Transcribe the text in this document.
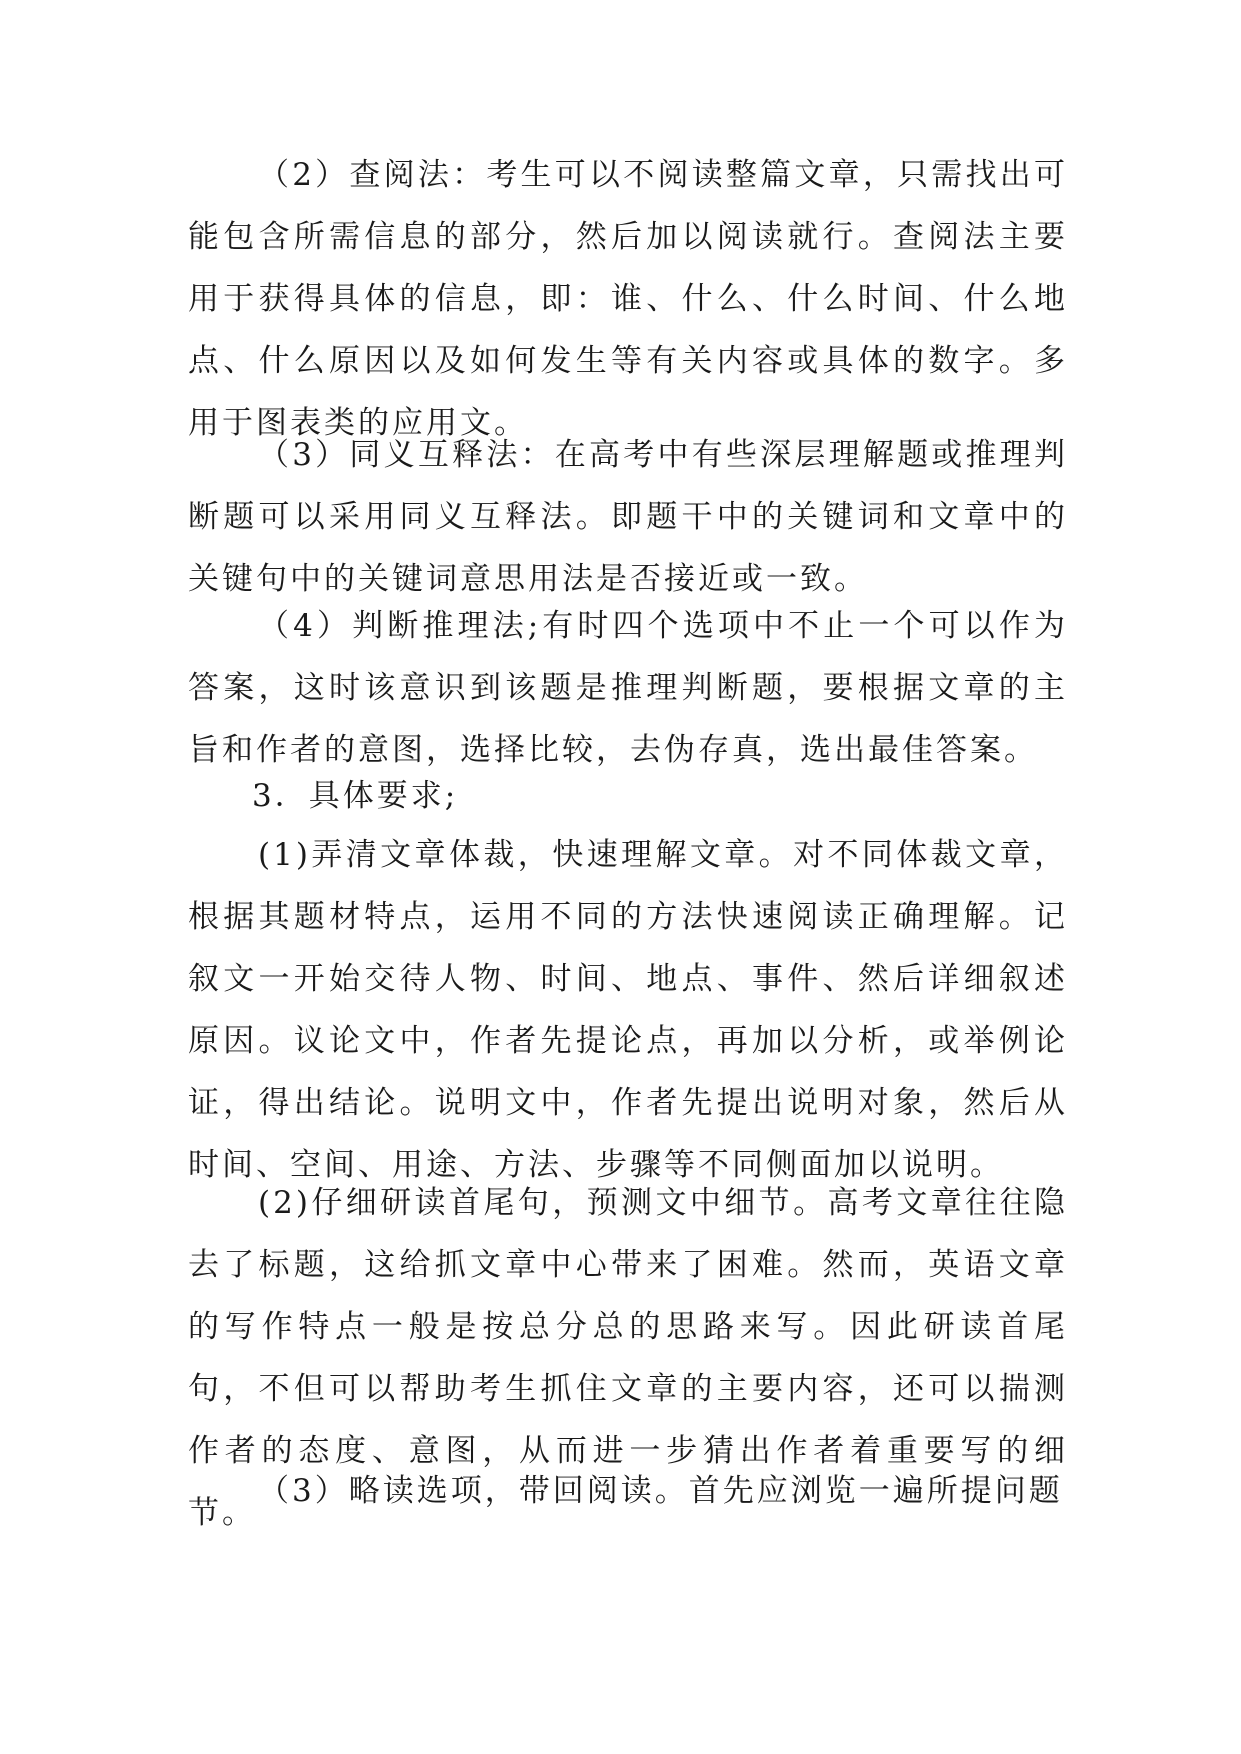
（2）查阅法：考生可以不阅读整篇文章，只需找出可能包含所需信息的部分，然后加以阅读就行。查阅法主要用于获得具体的信息，即：谁、什么、什么时间、什么地点、什么原因以及如何发生等有关内容或具体的数字。多用于图表类的应用文。

（3）同义互释法：在高考中有些深层理解题或推理判断题可以采用同义互释法。即题干中的关键词和文章中的关键句中的关键词意思用法是否接近或一致。

（4）判断推理法;有时四个选项中不止一个可以作为答案，这时该意识到该题是推理判断题，要根据文章的主旨和作者的意图，选择比较，去伪存真，选出最佳答案。

3．具体要求;

(1)弄清文章体裁，快速理解文章。对不同体裁文章，根据其题材特点，运用不同的方法快速阅读正确理解。记叙文一开始交待人物、时间、地点、事件、然后详细叙述原因。议论文中，作者先提论点，再加以分析，或举例论证，得出结论。说明文中，作者先提出说明对象，然后从时间、空间、用途、方法、步骤等不同侧面加以说明。

(2)仔细研读首尾句，预测文中细节。高考文章往往隐去了标题，这给抓文章中心带来了困难。然而，英语文章的写作特点一般是按总分总的思路来写。因此研读首尾句，不但可以帮助考生抓住文章的主要内容，还可以揣测作者的态度、意图，从而进一步猜出作者着重要写的细节。

（3）略读选项，带回阅读。首先应浏览一遍所提问题
